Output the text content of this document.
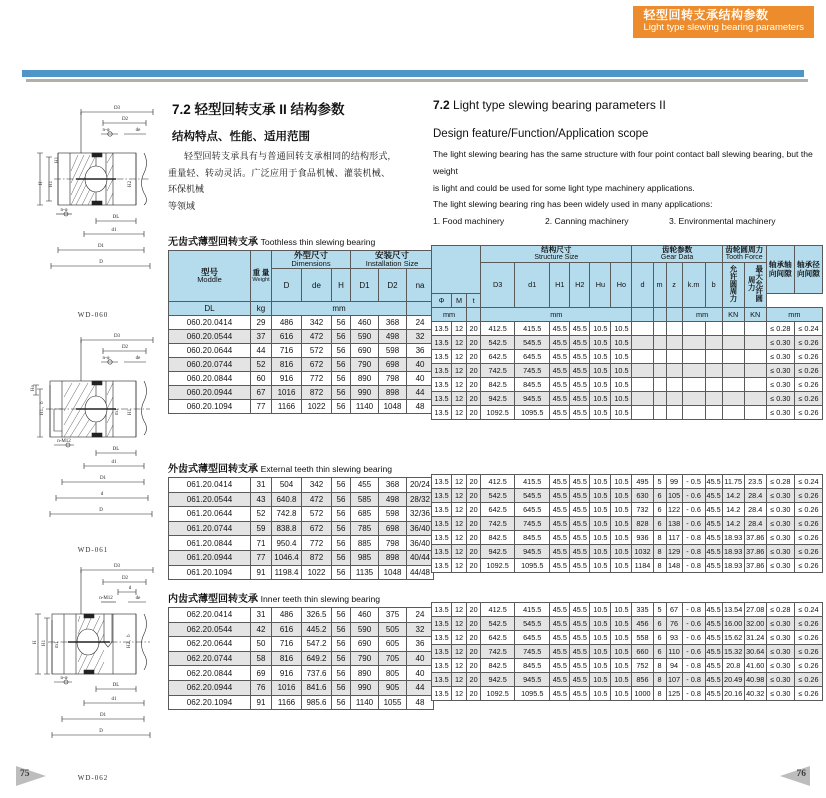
轻型回转支承结构参数
Light type slewing bearing parameters
D3
D2
de
n-φ
DL
d1
D1
D
n-φ
H H1
H1
H2
WD-060
D3
D2
de
n-φ
DL
d1
D1
d
D
n-M12
Ho
H1、b	H1
m1
WD-061
D3
D2
d
de
n-M12
DL
d1
D1
D
n-φ
H H1 m1	H2、b
WD-062
7.2 轻型回转支承 II 结构参数
结构特点、性能、适用范围

轻型回转支承具有与普通回转支承相同的结构形式,重量轻、转动灵活。广泛应用于食品机械、灌装机械、环保机械

等领域

无齿式薄型回转支承 Toothless thin slewing bearing
型号
Moddle	重 量
Weight	外型尺寸
Dimensions			安装尺寸
Installation Size		

		D	de	H	D1	D2	na

DL	kg	mm					
060.20.0414	29	486	342	56	460	368	24
060.20.0544	37	616	472	56	590	498	32
060.20.0644	44	716	572	56	690	598	36
060.20.0744	52	816	672	56	790	698	40
060.20.0844	60	916	772	56	890	798	40
060.20.0944	67	1016	872	56	990	898	44
060.20.1094	77	1166	1022	56	1140	1048	48
外齿式薄型回转支承 External teeth thin slewing bearing
061.20.0414	31	504	342	56	455	368	20/24
061.20.0544	43	640.8	472	56	585	498	28/32
061.20.0644	52	742.8	572	56	685	598	32/36
061.20.0744	59	838.8	672	56	785	698	36/40
061.20.0844	71	950.4	772	56	885	798	36/40
061.20.0944	77	1046.4	872	56	985	898	40/44
061.20.1094	91	1198.4	1022	56	1135	1048	44/48
内齿式薄型回转支承 Inner teeth thin slewing bearing
062.20.0414	31	486	326.5	56	460	375	24
062.20.0544	42	616	445.2	56	590	505	32
062.20.0644	50	716	547.2	56	690	605	36
062.20.0744	58	816	649.2	56	790	705	40
062.20.0844	69	916	737.6	56	890	805	40
062.20.0944	76	1016	841.6	56	990	905	44
062.20.1094	91	1166	985.6	56	1140	1055	48
7.2 Light type slewing bearing parameters II
Design feature/Function/Application scope

The light slewing bearing has the same structure with four point contact ball slewing bearing, but the weight

is light and could be used for some light type machinery applications.

The light slewing bearing ring has been widely used in many applications:

1. Food machinery	2. Canning machinery	3. Environmental machinery

			结构尺寸
Structure Size						齿轮参数
Gear Data					齿轮圆周力
Tooth Force		轴承轴向间隙	轴承径向间隙

			D3	d1	H1	H2	Hu	Ho	d	m	z	k.m	b	允许圆周力	最大允许圆周力		
Φ	M	t															
mm			mm									mm		KN	KN	mm	
13.5	12	20	412.5	415.5	45.5	45.5	10.5	10.5								≤ 0.28	≤ 0.24
13.5	12	20	542.5	545.5	45.5	45.5	10.5	10.5								≤ 0.30	≤ 0.26
13.5	12	20	642.5	645.5	45.5	45.5	10.5	10.5								≤ 0.30	≤ 0.26
13.5	12	20	742.5	745.5	45.5	45.5	10.5	10.5								≤ 0.30	≤ 0.26
13.5	12	20	842.5	845.5	45.5	45.5	10.5	10.5								≤ 0.30	≤ 0.26
13.5	12	20	942.5	945.5	45.5	45.5	10.5	10.5								≤ 0.30	≤ 0.26
13.5	12	20	1092.5	1095.5	45.5	45.5	10.5	10.5								≤ 0.30	≤ 0.26
13.5	12	20	412.5	415.5	45.5	45.5	10.5	10.5	495	5	99	- 0.5	45.5	11.75	23.5	≤ 0.28	≤ 0.24
13.5	12	20	542.5	545.5	45.5	45.5	10.5	10.5	630	6	105	- 0.6	45.5	14.2	28.4	≤ 0.30	≤ 0.26
13.5	12	20	642.5	645.5	45.5	45.5	10.5	10.5	732	6	122	- 0.6	45.5	14.2	28.4	≤ 0.30	≤ 0.26
13.5	12	20	742.5	745.5	45.5	45.5	10.5	10.5	828	6	138	- 0.6	45.5	14.2	28.4	≤ 0.30	≤ 0.26
13.5	12	20	842.5	845.5	45.5	45.5	10.5	10.5	936	8	117	- 0.8	45.5	18.93	37.86	≤ 0.30	≤ 0.26
13.5	12	20	942.5	945.5	45.5	45.5	10.5	10.5	1032	8	129	- 0.8	45.5	18.93	37.86	≤ 0.30	≤ 0.26
13.5	12	20	1092.5	1095.5	45.5	45.5	10.5	10.5	1184	8	148	- 0.8	45.5	18.93	37.86	≤ 0.30	≤ 0.26
13.5	12	20	412.5	415.5	45.5	45.5	10.5	10.5	335	5	67	- 0.8	45.5	13.54	27.08	≤ 0.28	≤ 0.24
13.5	12	20	542.5	545.5	45.5	45.5	10.5	10.5	456	6	76	- 0.6	45.5	16.00	32.00	≤ 0.30	≤ 0.26
13.5	12	20	642.5	645.5	45.5	45.5	10.5	10.5	558	6	93	- 0.6	45.5	15.62	31.24	≤ 0.30	≤ 0.26
13.5	12	20	742.5	745.5	45.5	45.5	10.5	10.5	660	6	110	- 0.6	45.5	15.32	30.64	≤ 0.30	≤ 0.26
13.5	12	20	842.5	845.5	45.5	45.5	10.5	10.5	752	8	94	- 0.8	45.5	20.8	41.60	≤ 0.30	≤ 0.26
13.5	12	20	942.5	945.5	45.5	45.5	10.5	10.5	856	8	107	- 0.8	45.5	20.49	40.98	≤ 0.30	≤ 0.26
13.5	12	20	1092.5	1095.5	45.5	45.5	10.5	10.5	1000	8	125	- 0.8	45.5	20.16	40.32	≤ 0.30	≤ 0.26
75	76
